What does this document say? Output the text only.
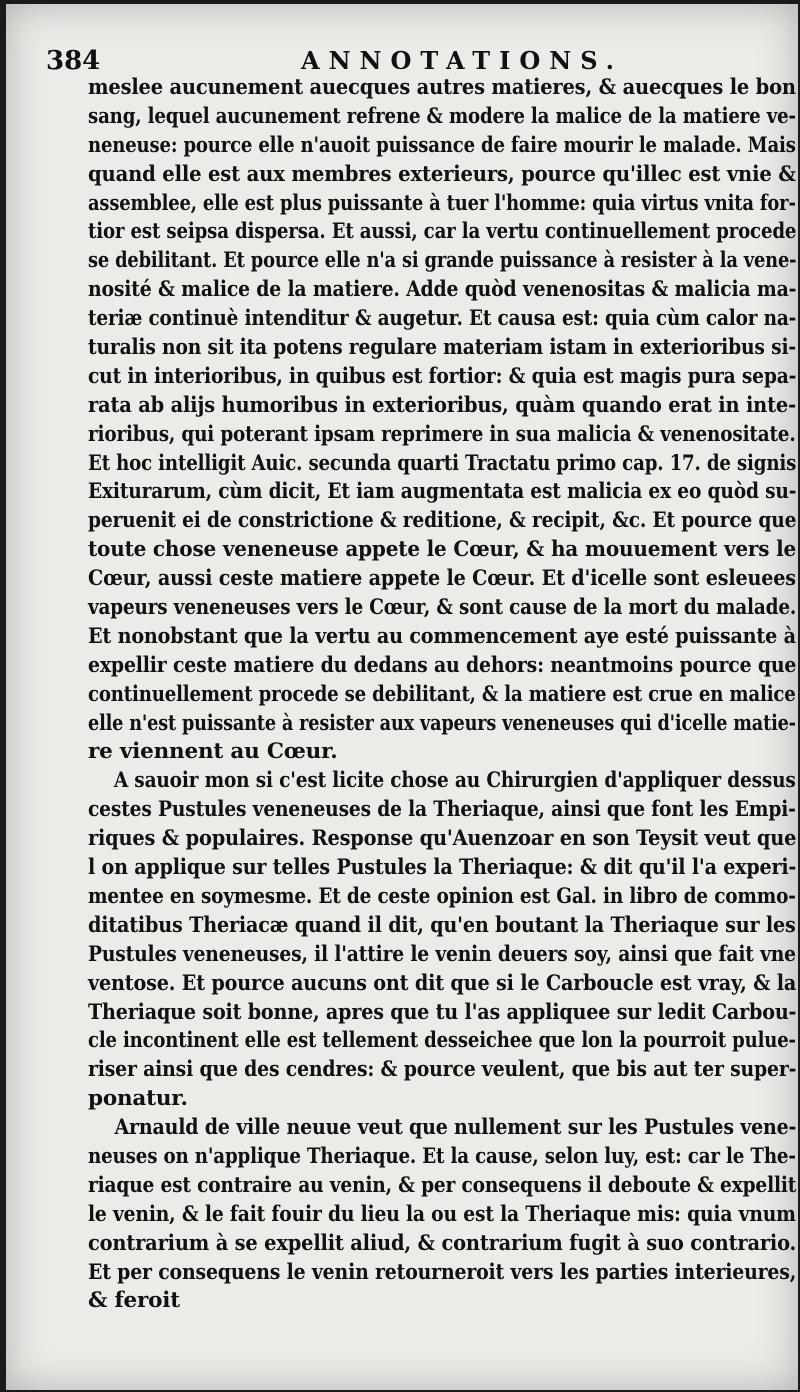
384	ANNOTATIONS.
meslee aucunement auecques autres matieres, & auecques le bon
sang, lequel aucunement refrene & modere la malice de la matiere ve-
neneuse: pource elle n'auoit puissance de faire mourir le malade. Mais
quand elle est aux membres exterieurs, pource qu'illec est vnie &
assemblee, elle est plus puissante à tuer l'homme: quia virtus vnita for-
tior est seipsa dispersa. Et aussi, car la vertu continuellement procede
se debilitant. Et pource elle n'a si grande puissance à resister à la vene-
nosité & malice de la matiere. Adde quòd venenositas & malicia ma-
teriæ continuè intenditur & augetur. Et causa est: quia cùm calor na-
turalis non sit ita potens regulare materiam istam in exterioribus si-
cut in interioribus, in quibus est fortior: & quia est magis pura sepa-
rata ab alijs humoribus in exterioribus, quàm quando erat in inte-
rioribus, qui poterant ipsam reprimere in sua malicia & venenositate.
Et hoc intelligit Auic. secunda quarti Tractatu primo cap. 17. de signis
Exiturarum, cùm dicit, Et iam augmentata est malicia ex eo quòd su-
peruenit ei de constrictione & reditione, & recipit, &c. Et pource que
toute chose veneneuse appete le Cœur, & ha mouuement vers le
Cœur, aussi ceste matiere appete le Cœur. Et d'icelle sont esleuees
vapeurs veneneuses vers le Cœur, & sont cause de la mort du malade.
Et nonobstant que la vertu au commencement aye esté puissante à
expellir ceste matiere du dedans au dehors: neantmoins pource que
continuellement procede se debilitant, & la matiere est crue en malice
elle n'est puissante à resister aux vapeurs veneneuses qui d'icelle matie-
re viennent au Cœur.
A sauoir mon si c'est licite chose au Chirurgien d'appliquer dessus
cestes Pustules veneneuses de la Theriaque, ainsi que font les Empi-
riques & populaires. Response qu'Auenzoar en son Teysit veut que
l on applique sur telles Pustules la Theriaque: & dit qu'il l'a experi-
mentee en soymesme. Et de ceste opinion est Gal. in libro de commo-
ditatibus Theriacæ quand il dit, qu'en boutant la Theriaque sur les
Pustules veneneuses, il l'attire le venin deuers soy, ainsi que fait vne
ventose. Et pource aucuns ont dit que si le Carboucle est vray, & la
Theriaque soit bonne, apres que tu l'as appliquee sur ledit Carbou-
cle incontinent elle est tellement desseichee que lon la pourroit pulue-
riser ainsi que des cendres: & pource veulent, que bis aut ter super-
ponatur.
Arnauld de ville neuue veut que nullement sur les Pustules vene-
neuses on n'applique Theriaque. Et la cause, selon luy, est: car le The-
riaque est contraire au venin, & per consequens il deboute & expellit
le venin, & le fait fouir du lieu la ou est la Theriaque mis: quia vnum
contrarium à se expellit aliud, & contrarium fugit à suo contrario.
Et per consequens le venin retourneroit vers les parties interieures,
& feroit
